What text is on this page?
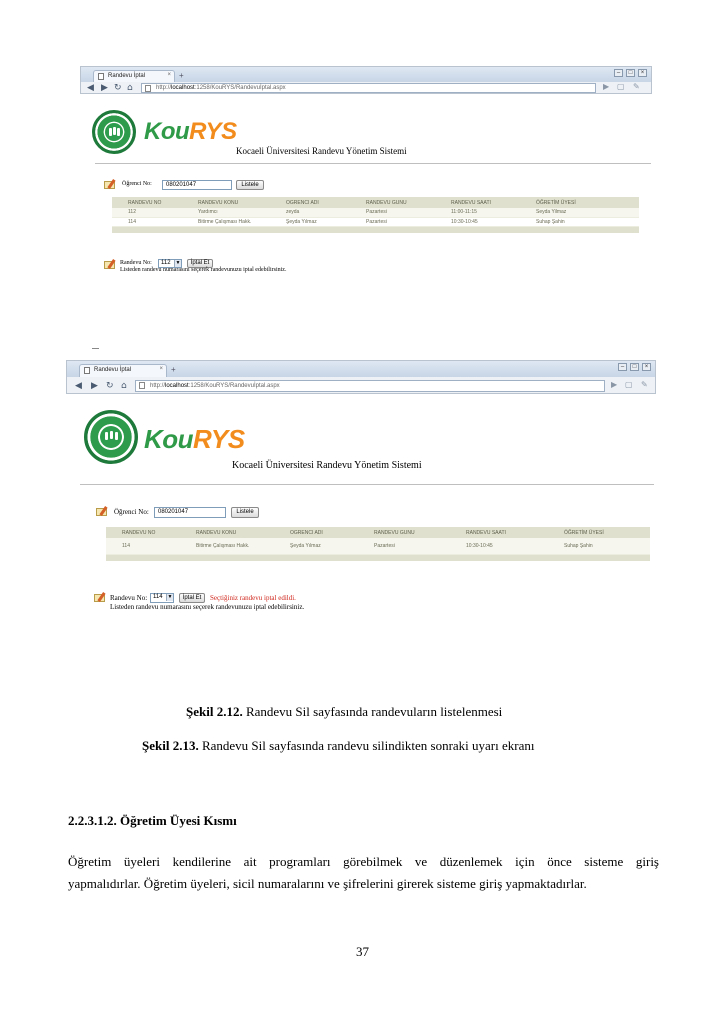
Randevu İptal	× +	–	□	×
◀ ▶ ↻ ⌂	http://localhost:1258/KouRYS/Randevuİptal.aspx	▶ ▢ ✎
KouRYS
Kocaeli Üniversitesi Randevu Yönetim Sistemi
Öğrenci No:	080201047	Listele
RANDEVU NO	RANDEVU KONU	OGRENCI ADI	RANDEVU GUNU	RANDEVU SAATI	ÖĞRETİM ÜYESİ
112	Yardımcı	zeyda	Pazartesi	11:00-11:15	Seyda Yilmaz
114	Bitirme Çalışması Hakk.	Şeyda Yılmaz	Pazartesi	10:30-10:45	Suhap Şahin

Randevu No:	112 ▼	İptal Et
Listeden randevu numarasını seçerek randevunuzu iptal edebilirsiniz.
Randevu İptal	× +	–	□	×
◀ ▶ ↻ ⌂	http://localhost:1258/KouRYS/Randevuİptal.aspx	▶ ▢ ✎
KouRYS
Kocaeli Üniversitesi Randevu Yönetim Sistemi
Öğrenci No:	080201047	Listele
RANDEVU NO	RANDEVU KONU	OGRENCI ADI	RANDEVU GUNU	RANDEVU SAATI	ÖĞRETİM ÜYESİ
114	Bitirme Çalışması Hakk.	Şeyda Yılmaz	Pazartesi	10:30-10:45	Suhap Şahin

Randevu No: 114 ▼	İptal Et	Seçtiğiniz randevu iptal edildi.
Listeden randevu numarasını seçerek randevunuzu iptal edebilirsiniz.
Şekil 2.12. Randevu Sil sayfasında randevuların listelenmesi
Şekil 2.13. Randevu Sil sayfasında randevu silindikten sonraki uyarı ekranı
2.2.3.1.2. Öğretim Üyesi Kısmı
Öğretim üyeleri kendilerine ait programları görebilmek ve düzenlemek için önce sisteme giriş
yapmalıdırlar. Öğretim üyeleri, sicil numaralarını ve şifrelerini girerek sisteme giriş yapmaktadırlar.
37
